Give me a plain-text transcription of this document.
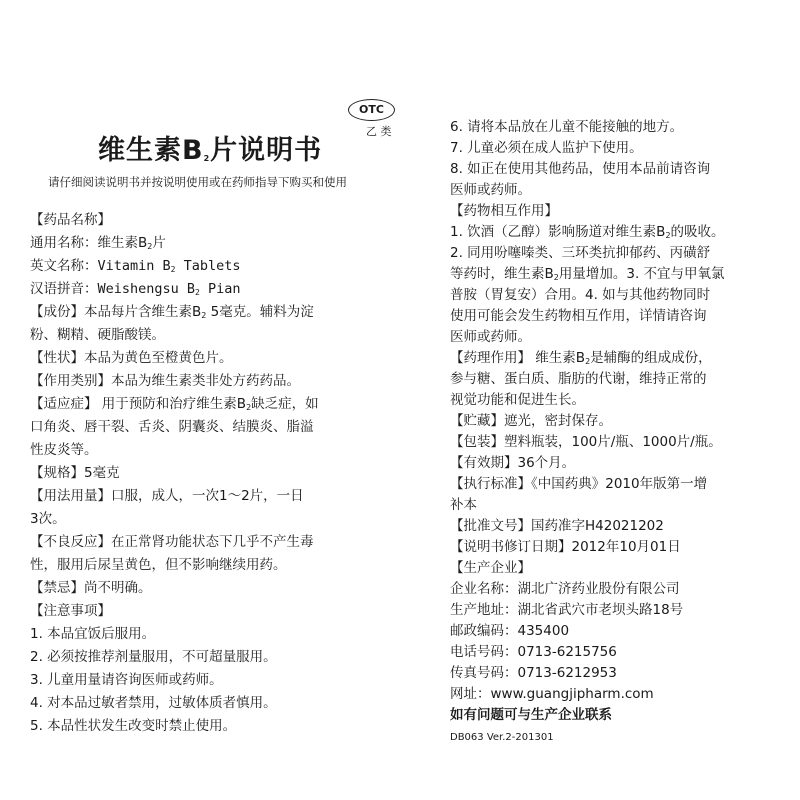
OTC
乙 类
维生素$B_2$片说明书
请仔细阅读说明书并按说明使用或在药师指导下购买和使用
【药品名称】
通用名称：维生素$B_2$片
英文名称：Vitamin $B_2$ Tablets
汉语拼音：Weishengsu $B_2$ Pian
【成份】本品每片含维生素$B_2$ 5毫克。辅料为淀
粉、糊精、硬脂酸镁。
【性状】本品为黄色至橙黄色片。
【作用类别】本品为维生素类非处方药药品。
【适应症】 用于预防和治疗维生素$B_2$缺乏症，如
口角炎、唇干裂、舌炎、阴囊炎、结膜炎、脂溢
性皮炎等。
【规格】5毫克
【用法用量】口服，成人，一次1～2片，一日
3次。
【不良反应】在正常肾功能状态下几乎不产生毒
性，服用后尿呈黄色，但不影响继续用药。
【禁忌】尚不明确。
【注意事项】
1. 本品宜饭后服用。
2. 必须按推荐剂量服用，不可超量服用。
3. 儿童用量请咨询医师或药师。
4. 对本品过敏者禁用，过敏体质者慎用。
5. 本品性状发生改变时禁止使用。
6. 请将本品放在儿童不能接触的地方。
7. 儿童必须在成人监护下使用。
8. 如正在使用其他药品，使用本品前请咨询
医师或药师。
【药物相互作用】
1. 饮酒（乙醇）影响肠道对维生素$B_2$的吸收。
2. 同用吩噻嗪类、三环类抗抑郁药、丙磺舒
等药时，维生素$B_2$用量增加。3. 不宜与甲氧氯
普胺（胃复安）合用。4. 如与其他药物同时
使用可能会发生药物相互作用，详情请咨询
医师或药师。
【药理作用】 维生素$B_2$是辅酶的组成成份，
参与糖、蛋白质、脂肪的代谢，维持正常的
视觉功能和促进生长。
【贮藏】遮光，密封保存。
【包装】塑料瓶装，100片/瓶、1000片/瓶。
【有效期】36个月。
【执行标准】《中国药典》2010年版第一增
补本
【批准文号】国药准字H42021202
【说明书修订日期】2012年10月01日
【生产企业】
企业名称：湖北广济药业股份有限公司
生产地址：湖北省武穴市老坝头路18号
邮政编码：435400
电话号码：0713-6215756
传真号码：0713-6212953
网址：www.guangjipharm.com
如有问题可与生产企业联系
DB063 Ver.2-201301
